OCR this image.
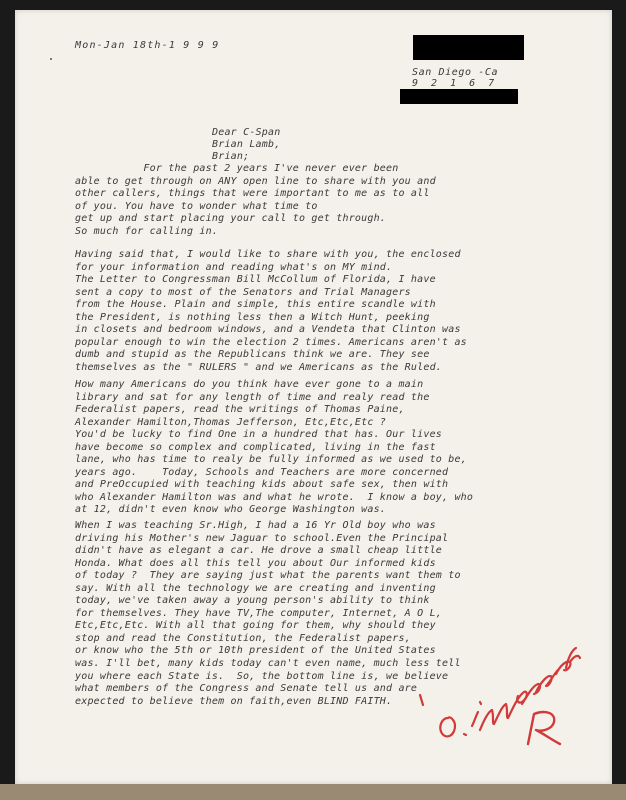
Mon-Jan 18th-1 9 9 9
San Diego -Ca
9 2 1 6 7
Dear C-Span
Brian Lamb,
Brian;
For the past 2 years I've never ever been
able to get through on ANY open line to share with you and
other callers, things that were important to me as to all
of you. You have to wonder what time to
get up and start placing your call to get through.
So much for calling in.
Having said that, I would like to share with you, the enclosed
for your information and reading what's on MY mind.
The Letter to Congressman Bill McCollum of Florida, I have
sent a copy to most of the Senators and Trial Managers
from the House. Plain and simple, this entire scandle with
the President, is nothing less then a Witch Hunt, peeking
in closets and bedroom windows, and a Vendeta that Clinton was
popular enough to win the election 2 times. Americans aren't as
dumb and stupid as the Republicans think we are. They see
themselves as the " RULERS " and we Americans as the Ruled.
How many Americans do you think have ever gone to a main
library and sat for any length of time and realy read the
Federalist papers, read the writings of Thomas Paine,
Alexander Hamilton,Thomas Jefferson, Etc,Etc,Etc ?
You'd be lucky to find One in a hundred that has. Our lives
have become so complex and complicated, living in the fast
lane, who has time to realy be fully informed as we used to be,
years ago.    Today, Schools and Teachers are more concerned
and PreOccupied with teaching kids about safe sex, then with
who Alexander Hamilton was and what he wrote.  I know a boy, who
at 12, didn't even know who George Washington was.
When I was teaching Sr.High, I had a 16 Yr Old boy who was
driving his Mother's new Jaguar to school.Even the Principal
didn't have as elegant a car. He drove a small cheap little
Honda. What does all this tell you about Our informed kids
of today ?  They are saying just what the parents want them to
say. With all the technology we are creating and inventing
today, we've taken away a young person's ability to think
for themselves. They have TV,The computer, Internet, A O L,
Etc,Etc,Etc. With all that going for them, why should they
stop and read the Constitution, the Federalist papers,
or know who the 5th or 10th president of the United States
was. I'll bet, many kids today can't even name, much less tell
you where each State is.  So, the bottom line is, we believe
what members of the Congress and Senate tell us and are
expected to believe them on faith,even BLIND FAITH.
